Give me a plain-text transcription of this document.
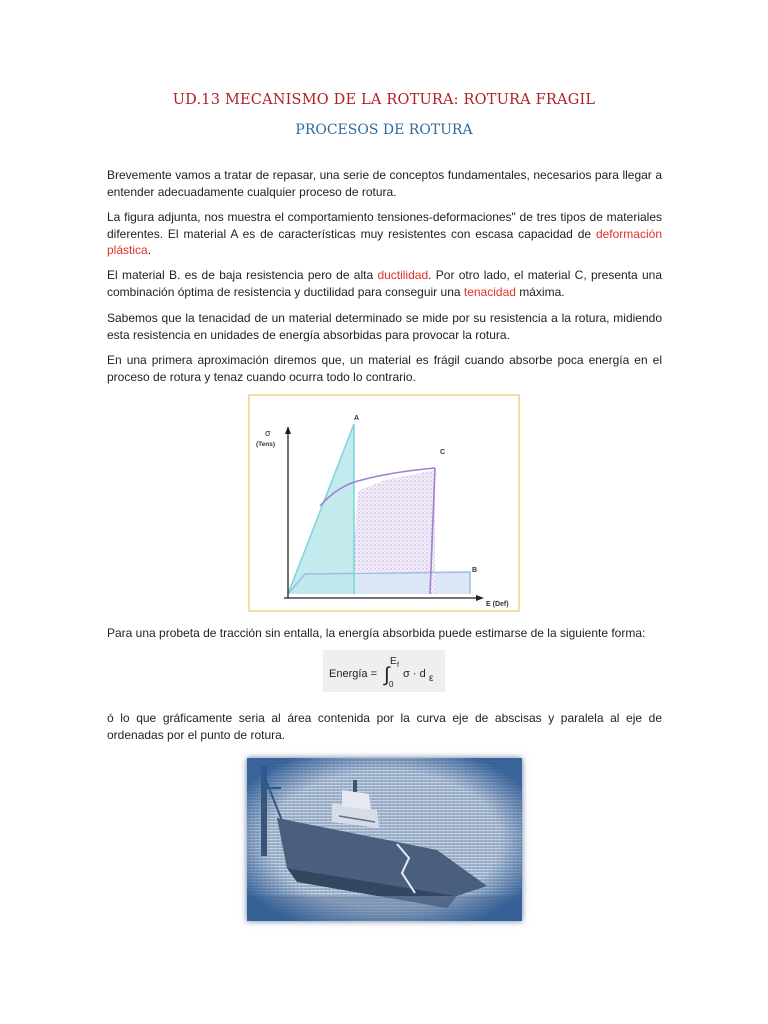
UD.13 MECANISMO DE LA ROTURA: ROTURA FRAGIL
PROCESOS DE ROTURA

Brevemente vamos a tratar de repasar, una serie de conceptos fundamentales, necesarios para llegar a entender adecuadamente cualquier proceso de rotura.

La figura adjunta, nos muestra el comportamiento tensiones-deformaciones" de tres tipos de materiales diferentes. El material A es de características muy resistentes con escasa capacidad de deformación plástica.

El material B. es de baja resistencia pero de alta ductilidad. Por otro lado, el material C, presenta una combinación óptima de resistencia y ductilidad para conseguir una tenacidad máxima.

Sabemos que la tenacidad de un material determinado se mide por su resistencia a la rotura, midiendo esta resistencia en unidades de energía absorbidas para provocar la rotura.

En una primera aproximación diremos que, un material es frágil cuando absorbe poca energía en el proceso de rotura y tenaz cuando ocurra todo lo contrario.

σ
(Tens)
E (Def)
A
B
C

Para una probeta de tracción sin entalla, la energía absorbida puede estimarse de la siguiente forma:

Energía = ∫
E f
0
σ · d ε

ó lo que gráficamente seria al área contenida por la curva eje de abscisas y paralela al eje de ordenadas por el punto de rotura.
